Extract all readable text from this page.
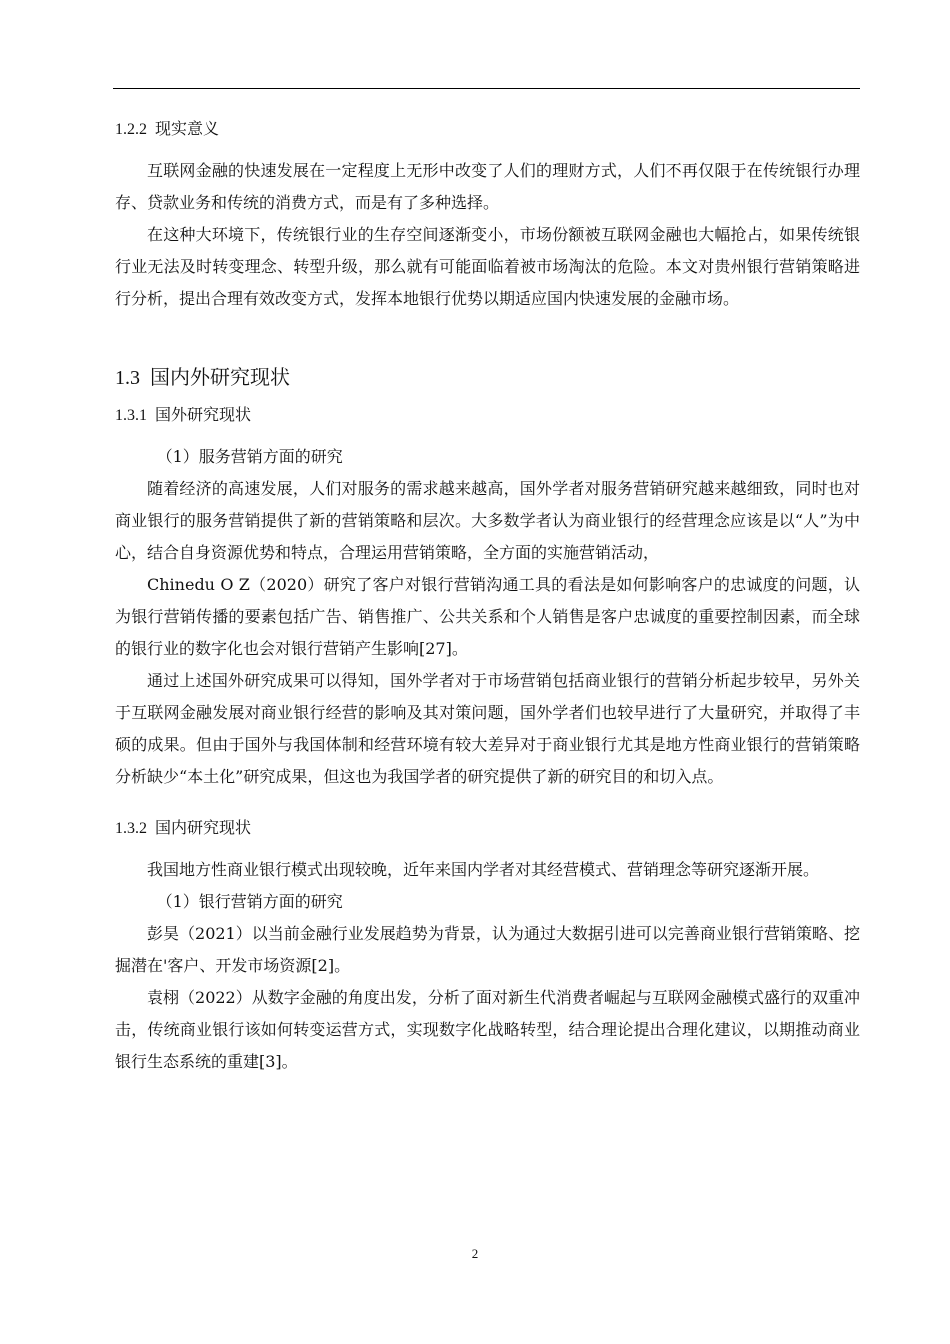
1.2.2 现实意义

互联网金融的快速发展在一定程度上无形中改变了人们的理财方式，人们不再仅限于在传统银行办理存、贷款业务和传统的消费方式，而是有了多种选择。

在这种大环境下，传统银行业的生存空间逐渐变小，市场份额被互联网金融也大幅抢占，如果传统银行业无法及时转变理念、转型升级，那么就有可能面临着被市场淘汰的危险。本文对贵州银行营销策略进行分析，提出合理有效改变方式，发挥本地银行优势以期适应国内快速发展的金融市场。

1.3 国内外研究现状
1.3.1 国外研究现状

（1）服务营销方面的研究

随着经济的高速发展，人们对服务的需求越来越高，国外学者对服务营销研究越来越细致，同时也对商业银行的服务营销提供了新的营销策略和层次。大多数学者认为商业银行的经营理念应该是以“人”为中心，结合自身资源优势和特点，合理运用营销策略，全方面的实施营销活动，

Chinedu O Z（2020）研究了客户对银行营销沟通工具的看法是如何影响客户的忠诚度的问题，认为银行营销传播的要素包括广告、销售推广、公共关系和个人销售是客户忠诚度的重要控制因素，而全球的银行业的数字化也会对银行营销产生影响[27]。

通过上述国外研究成果可以得知，国外学者对于市场营销包括商业银行的营销分析起步较早，另外关于互联网金融发展对商业银行经营的影响及其对策问题，国外学者们也较早进行了大量研究，并取得了丰硕的成果。但由于国外与我国体制和经营环境有较大差异对于商业银行尤其是地方性商业银行的营销策略分析缺少“本土化”研究成果，但这也为我国学者的研究提供了新的研究目的和切入点。

1.3.2 国内研究现状

我国地方性商业银行模式出现较晚，近年来国内学者对其经营模式、营销理念等研究逐渐开展。

（1）银行营销方面的研究

彭昊（2021）以当前金融行业发展趋势为背景，认为通过大数据引进可以完善商业银行营销策略、挖掘潜在'客户、开发市场资源[2]。

袁栩（2022）从数字金融的角度出发，分析了面对新生代消费者崛起与互联网金融模式盛行的双重冲击，传统商业银行该如何转变运营方式，实现数字化战略转型，结合理论提出合理化建议，以期推动商业银行生态系统的重建[3]。

2
